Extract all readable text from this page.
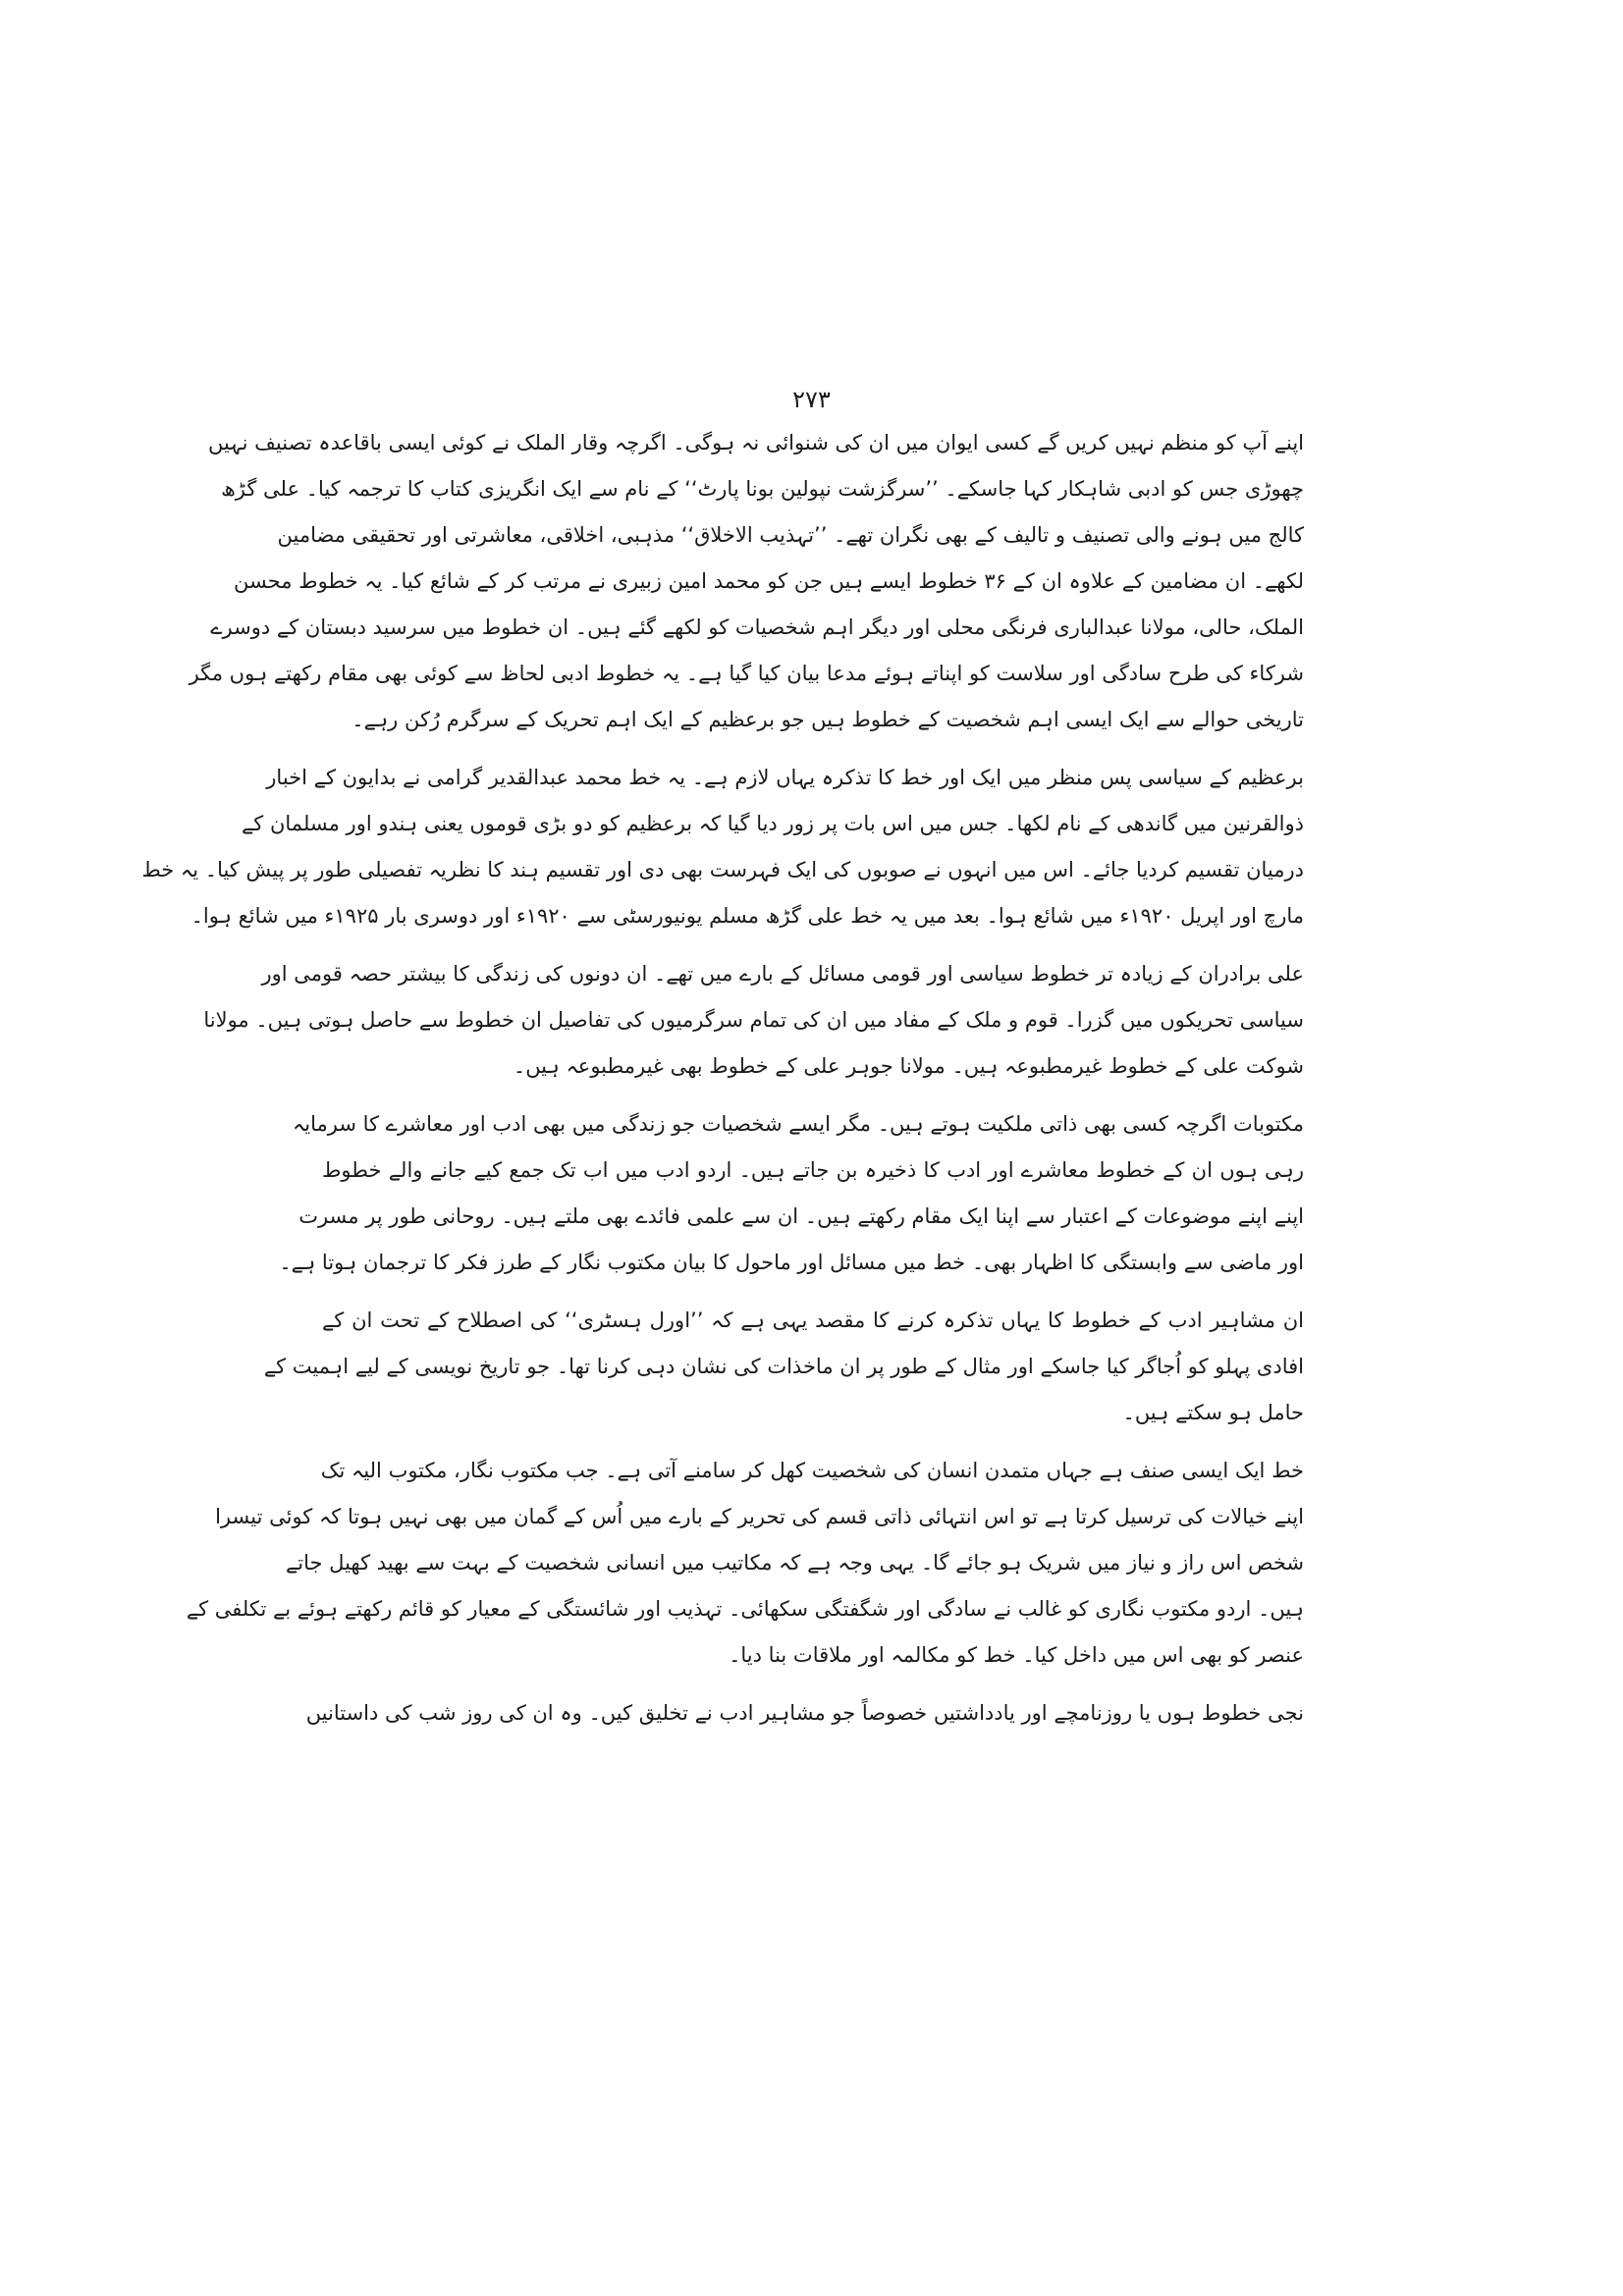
۲۷۳

اپنے آپ کو منظم نہیں کریں گے کسی ایوان میں ان کی شنوائی نہ ہوگی۔ اگرچہ وقار الملک نے کوئی ایسی باقاعدہ تصنیف نہیں
چھوڑی جس کو ادبی شاہکار کہا جاسکے۔ ’’سرگزشت نپولین بونا پارٹ‘‘ کے نام سے ایک انگریزی کتاب کا ترجمہ کیا۔ علی گڑھ
کالج میں ہونے والی تصنیف و تالیف کے بھی نگران تھے۔ ’’تہذیب الاخلاق‘‘ مذہبی، اخلاقی، معاشرتی اور تحقیقی مضامین
لکھے۔ ان مضامین کے علاوہ ان کے ۳۶ خطوط ایسے ہیں جن کو محمد امین زبیری نے مرتب کر کے شائع کیا۔ یہ خطوط محسن
الملک، حالی، مولانا عبدالباری فرنگی محلی اور دیگر اہم شخصیات کو لکھے گئے ہیں۔ ان خطوط میں سرسید دبستان کے دوسرے
شرکاء کی طرح سادگی اور سلاست کو اپناتے ہوئے مدعا بیان کیا گیا ہے۔ یہ خطوط ادبی لحاظ سے کوئی بھی مقام رکھتے ہوں مگر
تاریخی حوالے سے ایک ایسی اہم شخصیت کے خطوط ہیں جو برعظیم کے ایک اہم تحریک کے سرگرم رُکن رہے۔

برعظیم کے سیاسی پس منظر میں ایک اور خط کا تذکرہ یہاں لازم ہے۔ یہ خط محمد عبدالقدیر گرامی نے بدایون کے اخبار
ذوالقرنین میں گاندھی کے نام لکھا۔ جس میں اس بات پر زور دیا گیا کہ برعظیم کو دو بڑی قوموں یعنی ہندو اور مسلمان کے
درمیان تقسیم کردیا جائے۔ اس میں انہوں نے صوبوں کی ایک فہرست بھی دی اور تقسیم ہند کا نظریہ تفصیلی طور پر پیش کیا۔ یہ خط
مارچ اور اپریل ۱۹۲۰ء میں شائع ہوا۔ بعد میں یہ خط علی گڑھ مسلم یونیورسٹی سے ۱۹۲۰ء اور دوسری بار ۱۹۲۵ء میں شائع ہوا۔

علی برادران کے زیادہ تر خطوط سیاسی اور قومی مسائل کے بارے میں تھے۔ ان دونوں کی زندگی کا بیشتر حصہ قومی اور
سیاسی تحریکوں میں گزرا۔ قوم و ملک کے مفاد میں ان کی تمام سرگرمیوں کی تفاصیل ان خطوط سے حاصل ہوتی ہیں۔ مولانا
شوکت علی کے خطوط غیرمطبوعہ ہیں۔ مولانا جوہر علی کے خطوط بھی غیرمطبوعہ ہیں۔

مکتوبات اگرچہ کسی بھی ذاتی ملکیت ہوتے ہیں۔ مگر ایسے شخصیات جو زندگی میں بھی ادب اور معاشرے کا سرمایہ
رہی ہوں ان کے خطوط معاشرے اور ادب کا ذخیرہ بن جاتے ہیں۔ اردو ادب میں اب تک جمع کیے جانے والے خطوط
اپنے اپنے موضوعات کے اعتبار سے اپنا ایک مقام رکھتے ہیں۔ ان سے علمی فائدے بھی ملتے ہیں۔ روحانی طور پر مسرت
اور ماضی سے وابستگی کا اظہار بھی۔ خط میں مسائل اور ماحول کا بیان مکتوب نگار کے طرز فکر کا ترجمان ہوتا ہے۔

ان مشاہیر ادب کے خطوط کا یہاں تذکرہ کرنے کا مقصد یہی ہے کہ ’’اورل ہسٹری‘‘ کی اصطلاح کے تحت ان کے
افادی پہلو کو اُجاگر کیا جاسکے اور مثال کے طور پر ان ماخذات کی نشان دہی کرنا تھا۔ جو تاریخ نویسی کے لیے اہمیت کے
حامل ہو سکتے ہیں۔

خط ایک ایسی صنف ہے جہاں متمدن انسان کی شخصیت کھل کر سامنے آتی ہے۔ جب مکتوب نگار، مکتوب الیہ تک
اپنے خیالات کی ترسیل کرتا ہے تو اس انتہائی ذاتی قسم کی تحریر کے بارے میں اُس کے گمان میں بھی نہیں ہوتا کہ کوئی تیسرا
شخص اس راز و نیاز میں شریک ہو جائے گا۔ یہی وجہ ہے کہ مکاتیب میں انسانی شخصیت کے بہت سے بھید کھیل جاتے
ہیں۔ اردو مکتوب نگاری کو غالب نے سادگی اور شگفتگی سکھائی۔ تہذیب اور شائستگی کے معیار کو قائم رکھتے ہوئے بے تکلفی کے
عنصر کو بھی اس میں داخل کیا۔ خط کو مکالمہ اور ملاقات بنا دیا۔

نجی خطوط ہوں یا روزنامچے اور یادداشتیں خصوصاً جو مشاہیر ادب نے تخلیق کیں۔ وہ ان کی روز شب کی داستانیں
